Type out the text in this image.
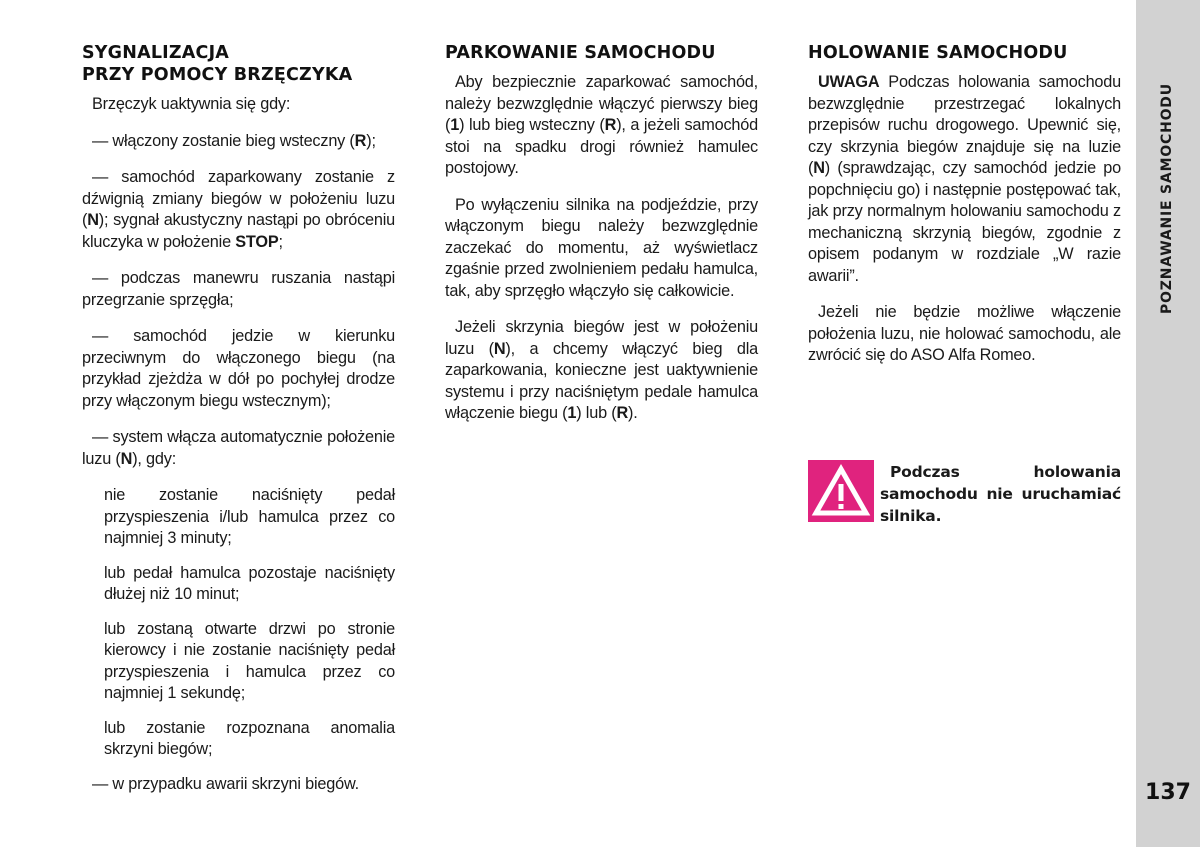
SYGNALIZACJA
PRZY POMOCY BRZĘCZYKA

Brzęczyk uaktywnia się gdy:

— włączony zostanie bieg wsteczny (R);

— samochód zaparkowany zostanie z dźwignią zmiany biegów w położeniu luzu (N); sygnał akustyczny nastąpi po obróceniu kluczyka w położenie STOP;

— podczas manewru ruszania nastąpi przegrzanie sprzęgła;

— samochód jedzie w kierunku przeciwnym do włączonego biegu (na przykład zjeżdża w dół po pochyłej drodze przy włączonym biegu wstecznym);

— system włącza automatycznie położenie luzu (N), gdy:

nie zostanie naciśnięty pedał przyspieszenia i/lub hamulca przez co najmniej 3 minuty;

lub pedał hamulca pozostaje naciśnięty dłużej niż 10 minut;

lub zostaną otwarte drzwi po stronie kierowcy i nie zostanie naciśnięty pedał przyspieszenia i hamulca przez co najmniej 1 sekundę;

lub zostanie rozpoznana anomalia skrzyni biegów;

— w przypadku awarii skrzyni biegów.

PARKOWANIE SAMOCHODU

Aby bezpiecznie zaparkować samochód, należy bezwzględnie włączyć pierwszy bieg (1) lub bieg wsteczny (R), a jeżeli samochód stoi na spadku drogi również hamulec postojowy.

Po wyłączeniu silnika na podjeździe, przy włączonym biegu należy bezwzględnie zaczekać do momentu, aż wyświetlacz zgaśnie przed zwolnieniem pedału hamulca, tak, aby sprzęgło włączyło się całkowicie.

Jeżeli skrzynia biegów jest w położeniu luzu (N), a chcemy włączyć bieg dla zaparkowania, konieczne jest uaktywnienie systemu i przy naciśniętym pedale hamulca włączenie biegu (1) lub (R).

HOLOWANIE SAMOCHODU

UWAGA Podczas holowania samochodu bezwzględnie przestrzegać lokalnych przepisów ruchu drogowego. Upewnić się, czy skrzynia biegów znajduje się na luzie (N) (sprawdzając, czy samochód jedzie po popchnięciu go) i następnie postępować tak, jak przy normalnym holowaniu samochodu z mechaniczną skrzynią biegów, zgodnie z opisem podanym w rozdziale „W razie awarii”.

Jeżeli nie będzie możliwe włączenie położenia luzu, nie holować samochodu, ale zwrócić się do ASO Alfa Romeo.

Podczas holowania samochodu nie uruchamiać silnika.
POZNAWANIE SAMOCHODU
137
